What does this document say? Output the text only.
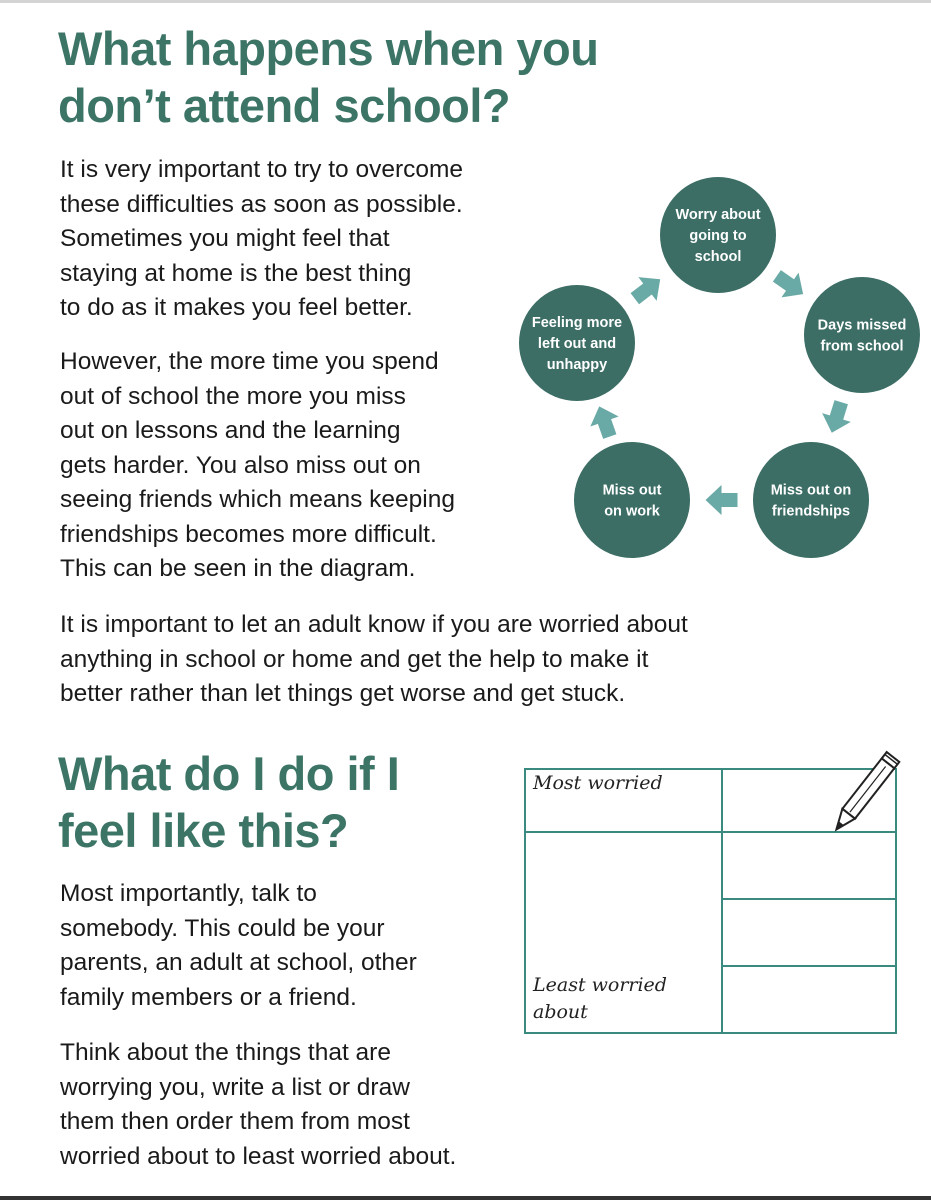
What happens when you
don’t attend school?

It is very important to try to overcome
these difficulties as soon as possible.
Sometimes you might feel that
staying at home is the best thing
to do as it makes you feel better.

However, the more time you spend
out of school the more you miss
out on lessons and the learning
gets harder. You also miss out on
seeing friends which means keeping
friendships becomes more difficult.
This can be seen in the diagram.

Worry about
going to
school
Days missed
from school
Miss out on
friendships
Miss out
on work
Feeling more
left out and
unhappy

It is important to let an adult know if you are worried about
anything in school or home and get the help to make it
better rather than let things get worse and get stuck.

What do I do if I
feel like this?

Most importantly, talk to
somebody. This could be your
parents, an adult at school, other
family members or a friend.

Think about the things that are
worrying you, write a list or draw
them then order them from most
worried about to least worried about.

Most worried
Least worried
about
